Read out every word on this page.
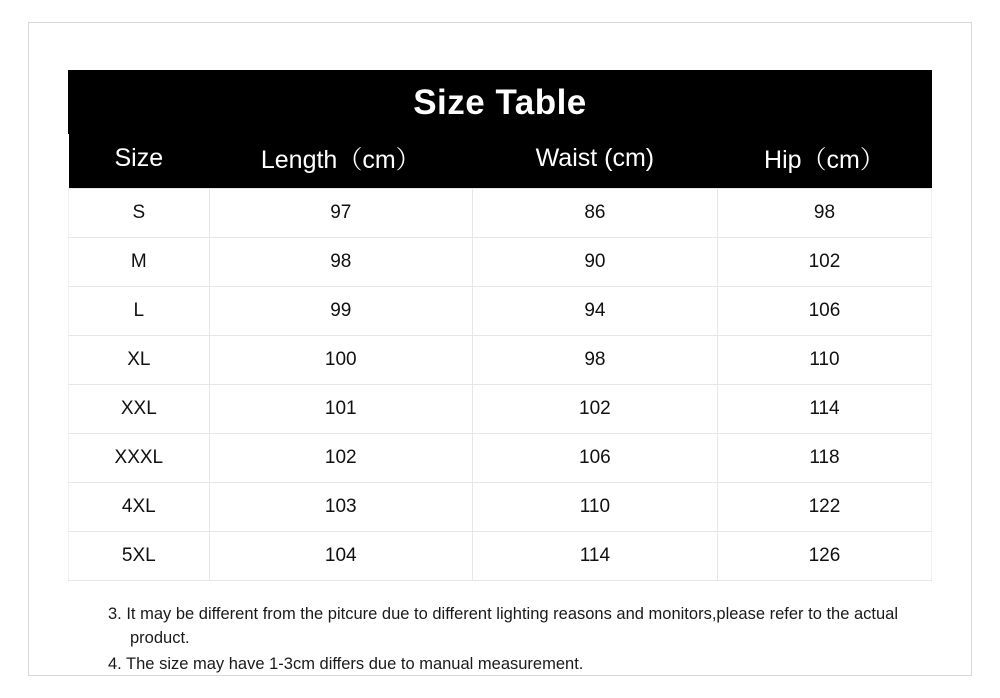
Size Table
Size	Length（cm）	Waist (cm)	Hip（cm）
S	97	86	98
M	98	90	102
L	99	94	106
XL	100	98	110
XXL	101	102	114
XXXL	102	106	118
4XL	103	110	122
5XL	104	114	126
3. It may be different from the pitcure due to different lighting reasons and monitors,please refer to the actual product.
4. The size may have 1-3cm differs due to manual measurement.
